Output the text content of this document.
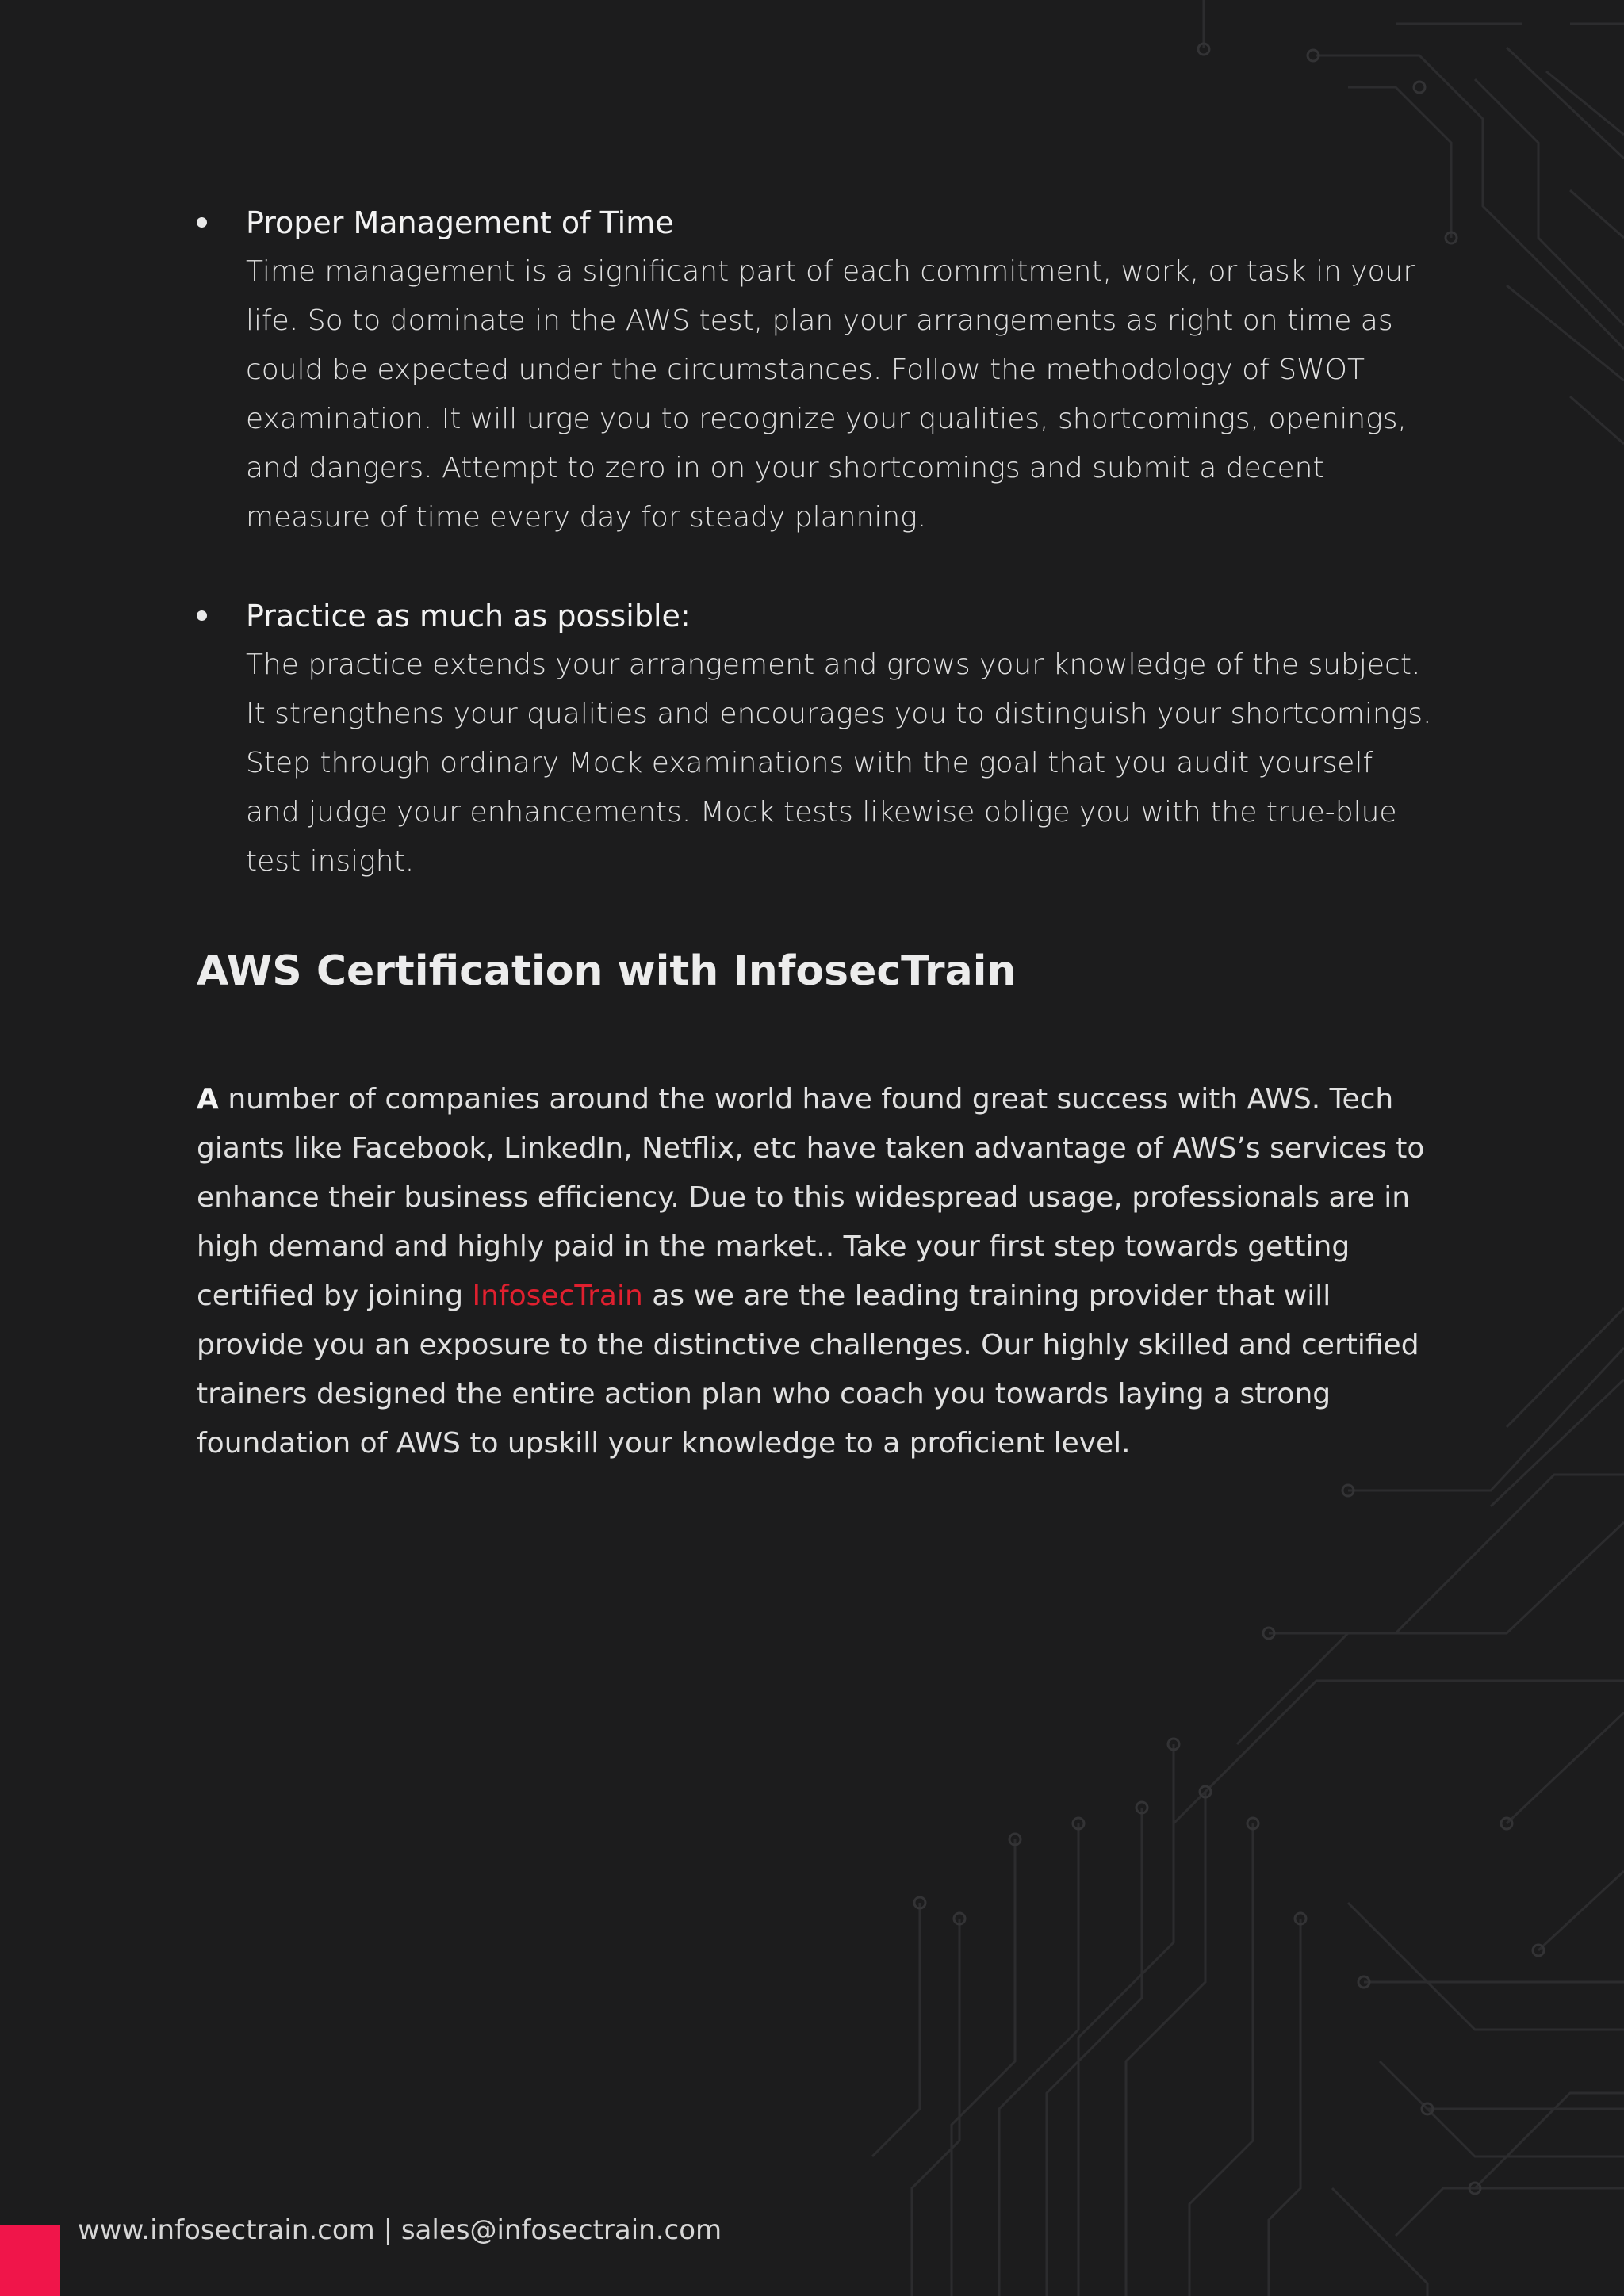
Proper Management of Time
Time management is a significant part of each commitment, work, or task in your life. So to dominate in the AWS test, plan your arrangements as right on time as could be expected under the circumstances. Follow the methodology of SWOT examination. It will urge you to recognize your qualities, shortcomings, openings, and dangers. Attempt to zero in on your shortcomings and submit a decent measure of time every day for steady planning.
Practice as much as possible:
The practice extends your arrangement and grows your knowledge of the subject. It strengthens your qualities and encourages you to distinguish your shortcomings. Step through ordinary Mock examinations with the goal that you audit yourself and judge your enhancements. Mock tests likewise oblige you with the true-blue test insight.
AWS Certification with InfosecTrain

A number of companies around the world have found great success with AWS. Tech giants like Facebook, LinkedIn, Netflix, etc have taken advantage of AWS’s services to enhance their business efficiency. Due to this widespread usage, professionals are in high demand and highly paid in the market.. Take your first step towards getting certified by joining InfosecTrain as we are the leading training provider that will provide you an exposure to the distinctive challenges. Our highly skilled and certified trainers designed the entire action plan who coach you towards laying a strong foundation of AWS to upskill your knowledge to a proficient level.

www.infosectrain.com | sales@infosectrain.com
